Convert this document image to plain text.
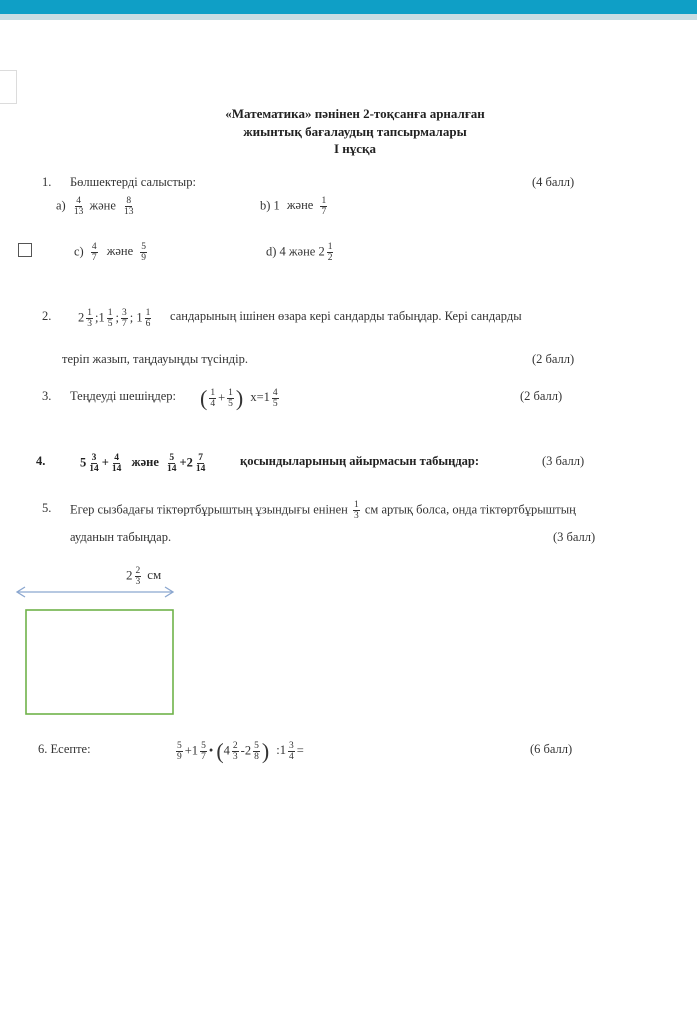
«Математика» пәнінен 2-тоқсанға арналған
жиынтық бағалаудың тапсырмалары
І нұсқа
1. Бөлшектерді салыстыр:	(4 балл)
$a) \frac{4}{13}$ және $\frac{8}{13}$	b) 1 және $\frac{1}{7}$
$c) \frac{4}{7}$ және $\frac{5}{9}$	d) 4 және $2 \frac{1}{2}$
2. $2 \frac{1}{3}$ ;1 $\frac{1}{5}$ ; $\frac{3}{7}$ ; $1 \frac{1}{6}$ сандарының ішінен өзара кері сандарды табыңдар. Кері сандарды
теріп жазып, таңдауыңды түсіндір.	(2 балл)
3. Теңдеуді шешіңдер: ( $\frac{1}{4} + \frac{1}{5}$ ) $x=1 \frac{4}{5}$	(2 балл)
4.	$5 \frac{3}{14} + \frac{4}{14}$ және $\frac{5}{14} +2 \frac{7}{14}$	қосындыларының айырмасын табыңдар:	(3 балл)
5. Егер сызбадағы тіктөртбұрыштың ұзындығы енінен $\frac{1}{3}$ см артық болса, онда тіктөртбұрыштың
ауданын табыңдар.	(3 балл)
$2 \frac{2}{3}$ см
6. Есепте:	$\frac{5}{9} +1 \frac{5}{7}$ • ($4 \frac{2}{3} -2 \frac{5}{8}$ ) :1 $\frac{3}{4}$ =	(6 балл)
